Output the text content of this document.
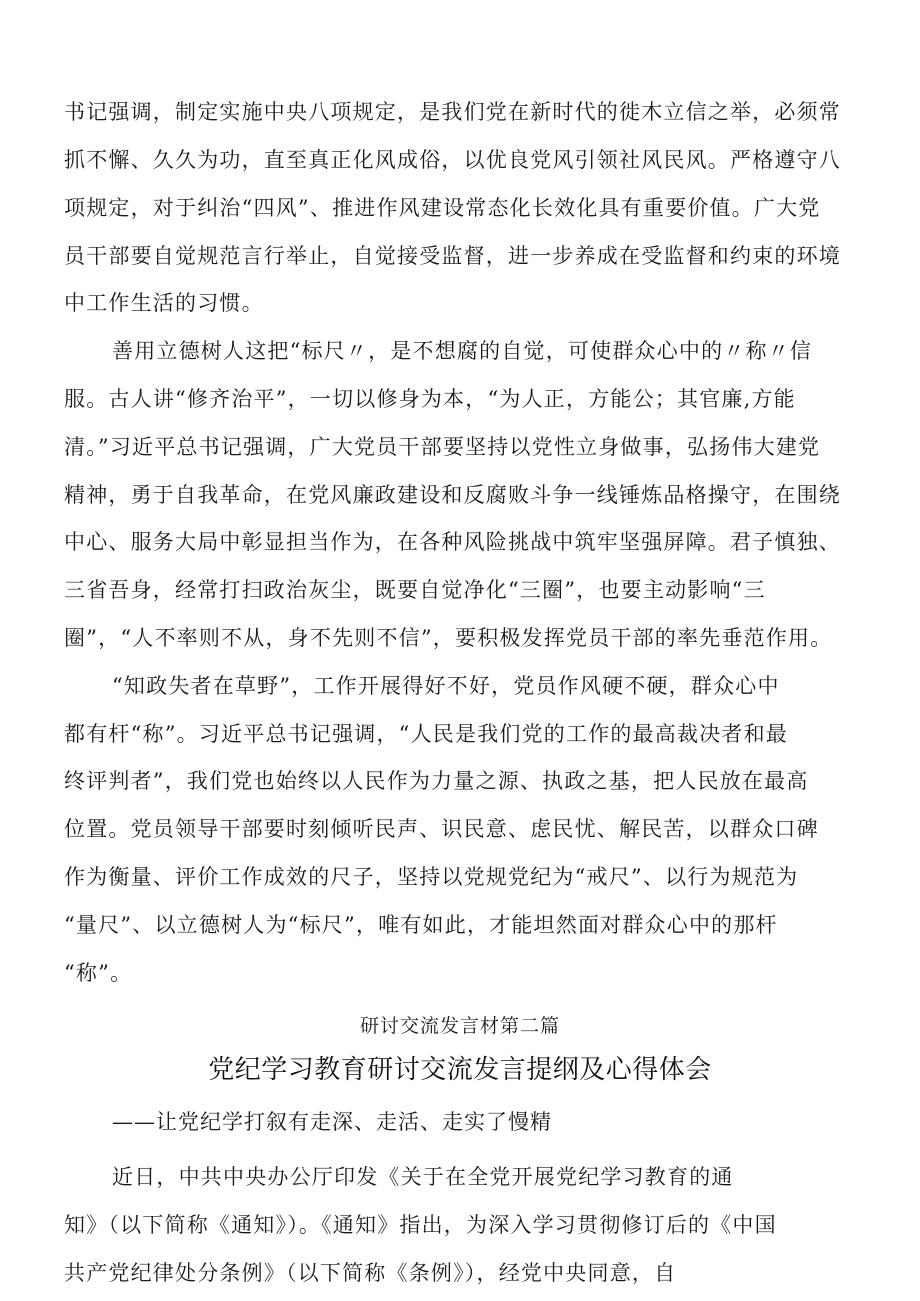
书记强调，制定实施中央八项规定，是我们党在新时代的徙木立信之举，必须常
抓不懈、久久为功，直至真正化风成俗，以优良党风引领社风民风。严格遵守八
项规定，对于纠治“四风”、推进作风建设常态化长效化具有重要价值。广大党
员干部要自觉规范言行举止，自觉接受监督，进一步养成在受监督和约束的环境
中工作生活的习惯。
善用立德树人这把“标尺〃，是不想腐的自觉，可使群众心中的〃称〃信
服。古人讲“修齐治平”，一切以修身为本，“为人正，方能公；其官廉,方能
清。”习近平总书记强调，广大党员干部要坚持以党性立身做事，弘扬伟大建党
精神，勇于自我革命，在党风廉政建设和反腐败斗争一线锤炼品格操守，在围绕
中心、服务大局中彰显担当作为，在各种风险挑战中筑牢坚强屏障。君子慎独、
三省吾身，经常打扫政治灰尘，既要自觉净化“三圈”，也要主动影响“三
圈”，“人不率则不从，身不先则不信”，要积极发挥党员干部的率先垂范作用。
“知政失者在草野”，工作开展得好不好，党员作风硬不硬，群众心中
都有杆“称”。习近平总书记强调，“人民是我们党的工作的最高裁决者和最
终评判者”，我们党也始终以人民作为力量之源、执政之基，把人民放在最高
位置。党员领导干部要时刻倾听民声、识民意、虑民忧、解民苦，以群众口碑
作为衡量、评价工作成效的尺子，坚持以党规党纪为“戒尺”、以行为规范为
“量尺”、以立德树人为“标尺”，唯有如此，才能坦然面对群众心中的那杆
“称”。
研讨交流发言材第二篇
党纪学习教育研讨交流发言提纲及心得体会
——让党纪学打叙有走深、走活、走实了慢精
近日，中共中央办公厅印发《关于在全党开展党纪学习教育的通
知》（以下简称《通知》）。《通知》指出，为深入学习贯彻修订后的《中国
共产党纪律处分条例》（以下简称《条例》），经党中央同意，自
